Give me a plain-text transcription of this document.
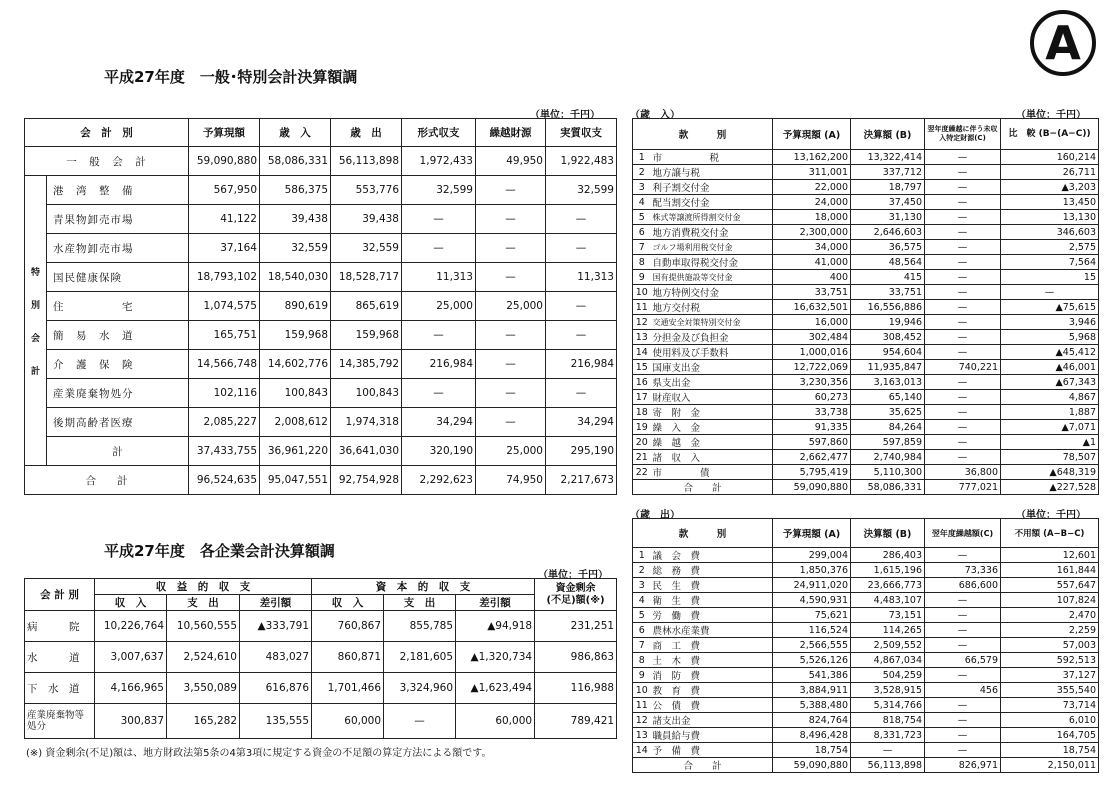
A
平成27年度　一般･特別会計決算額調
（単位：千円）
会　計　別		予算現額	歳　入	歳　出	形式収支	繰越財源	実質収支
一　般　会　計		59,090,880	58,086,331	56,113,898	1,972,433	49,950	1,922,483

特
別
会
計	港　湾　整　備	567,950	586,375	553,776	32,599	—	32,599
	青果物卸売市場	41,122	39,438	39,438	—	—	—
	水産物卸売市場	37,164	32,559	32,559	—	—	—
	国民健康保険	18,793,102	18,540,030	18,528,717	11,313	—	11,313
	住　　　　　宅	1,074,575	890,619	865,619	25,000	25,000	—
	簡　易　水　道	165,751	159,968	159,968	—	—	—
	介　護　保　険	14,566,748	14,602,776	14,385,792	216,984	—	216,984
	産業廃棄物処分	102,116	100,843	100,843	—	—	—
	後期高齢者医療	2,085,227	2,008,612	1,974,318	34,294	—	34,294
	計	37,433,755	36,961,220	36,641,030	320,190	25,000	295,190
合　　計		96,524,635	95,047,551	92,754,928	2,292,623	74,950	2,217,673
平成27年度　各企業会計決算額調
（単位：千円）
会 計 別	収　益　的　収　支			資　本　的　収　支			資金剰余
(不足)額(※)

	収　入	支　出	差引額	収　入	支　出	差引額	
病　　　院	10,226,764	10,560,555	▲333,791	760,867	855,785	▲94,918	231,251
水　　　道	3,007,637	2,524,610	483,027	860,871	2,181,605	▲1,320,734	986,863
下　水　道	4,166,965	3,550,089	616,876	1,701,466	3,324,960	▲1,623,494	116,988
産業廃棄物等処分	300,837	165,282	135,555	60,000	—	60,000	789,421
(※) 資金剰余(不足)額は、地方財政法第5条の4第3項に規定する資金の不足額の算定方法による額です。
（歳　入）	（単位：千円）
款　　　別		予算現額 (A)	決算額 (B)	翌年度繰越に伴う未収入特定財源(C)	比　較 (B−(A−C))
1	市　　　　　税	13,162,200	13,322,414	—	160,214
2	地方譲与税	311,001	337,712	—	26,711
3	利子割交付金	22,000	18,797	—	▲3,203
4	配当割交付金	24,000	37,450	—	13,450
5	株式等譲渡所得割交付金	18,000	31,130	—	13,130
6	地方消費税交付金	2,300,000	2,646,603	—	346,603
7	ゴルフ場利用税交付金	34,000	36,575	—	2,575
8	自動車取得税交付金	41,000	48,564	—	7,564
9	国有提供施設等交付金	400	415	—	15
10	地方特例交付金	33,751	33,751	—	—
11	地方交付税	16,632,501	16,556,886	—	▲75,615
12	交通安全対策特別交付金	16,000	19,946	—	3,946
13	分担金及び負担金	302,484	308,452	—	5,968
14	使用料及び手数料	1,000,016	954,604	—	▲45,412
15	国庫支出金	12,722,069	11,935,847	740,221	▲46,001
16	県支出金	3,230,356	3,163,013	—	▲67,343
17	財産収入	60,273	65,140	—	4,867
18	寄　附　金	33,738	35,625	—	1,887
19	繰　入　金	91,335	84,264	—	▲7,071
20	繰　越　金	597,860	597,859	—	▲1
21	諸　収　入	2,662,477	2,740,984	—	78,507
22	市　　　　債	5,795,419	5,110,300	36,800	▲648,319
合　　計		59,090,880	58,086,331	777,021	▲227,528
（歳　出）	（単位：千円）
款　　　別		予算現額 (A)	決算額 (B)	翌年度繰越額(C)	不用額 (A−B−C)
1	議　会　費	299,004	286,403	—	12,601
2	総　務　費	1,850,376	1,615,196	73,336	161,844
3	民　生　費	24,911,020	23,666,773	686,600	557,647
4	衛　生　費	4,590,931	4,483,107	—	107,824
5	労　働　費	75,621	73,151	—	2,470
6	農林水産業費	116,524	114,265	—	2,259
7	商　工　費	2,566,555	2,509,552	—	57,003
8	土　木　費	5,526,126	4,867,034	66,579	592,513
9	消　防　費	541,386	504,259	—	37,127
10	教　育　費	3,884,911	3,528,915	456	355,540
11	公　債　費	5,388,480	5,314,766	—	73,714
12	諸支出金	824,764	818,754	—	6,010
13	職員給与費	8,496,428	8,331,723	—	164,705
14	予　備　費	18,754	—	—	18,754
合　　計		59,090,880	56,113,898	826,971	2,150,011
